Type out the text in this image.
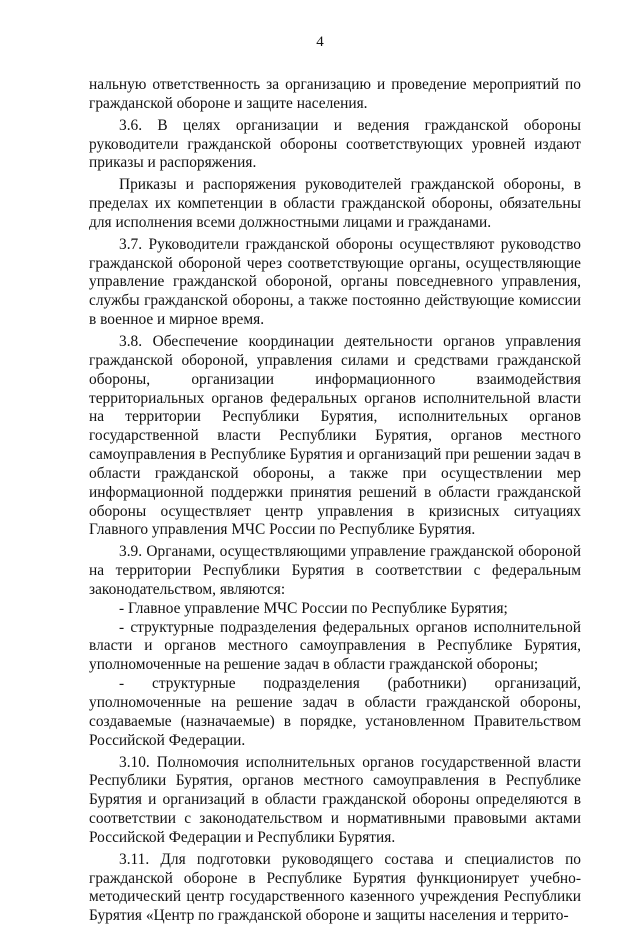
4

нальную ответственность за организацию и проведение мероприятий по гражданской обороне и защите населения.

3.6. В целях организации и ведения гражданской обороны руководители гражданской обороны соответствующих уровней издают приказы и распоряжения.

Приказы и распоряжения руководителей гражданской обороны, в пределах их компетенции в области гражданской обороны, обязательны для исполнения всеми должностными лицами и гражданами.

3.7. Руководители гражданской обороны осуществляют руководство гражданской обороной через соответствующие органы, осуществляющие управление гражданской обороной, органы повседневного управления, службы гражданской обороны, а также постоянно действующие комиссии в военное и мирное время.

3.8. Обеспечение координации деятельности органов управления гражданской обороной, управления силами и средствами гражданской обороны, организации информационного взаимодействия территориальных органов федеральных органов исполнительной власти на территории Республики Бурятия, исполнительных органов государственной власти Республики Бурятия, органов местного самоуправления в Республике Бурятия и организаций при решении задач в области гражданской обороны, а также при осуществлении мер информационной поддержки принятия решений в области гражданской обороны осуществляет центр управления в кризисных ситуациях Главного управления МЧС России по Республике Бурятия.

3.9. Органами, осуществляющими управление гражданской обороной на территории Республики Бурятия в соответствии с федеральным законодательством, являются:

- Главное управление МЧС России по Республике Бурятия;

- структурные подразделения федеральных органов исполнительной власти и органов местного самоуправления в Республике Бурятия, уполномоченные на решение задач в области гражданской обороны;

- структурные подразделения (работники) организаций, уполномоченные на решение задач в области гражданской обороны, создаваемые (назначаемые) в порядке, установленном Правительством Российской Федерации.

3.10. Полномочия исполнительных органов государственной власти Республики Бурятия, органов местного самоуправления в Республике Бурятия и организаций в области гражданской обороны определяются в соответствии с законодательством и нормативными правовыми актами Российской Федерации и Республики Бурятия.

3.11. Для подготовки руководящего состава и специалистов по гражданской обороне в Республике Бурятия функционирует учебно-методический центр государственного казенного учреждения Республики Бурятия «Центр по гражданской обороне и защиты населения и террито-
